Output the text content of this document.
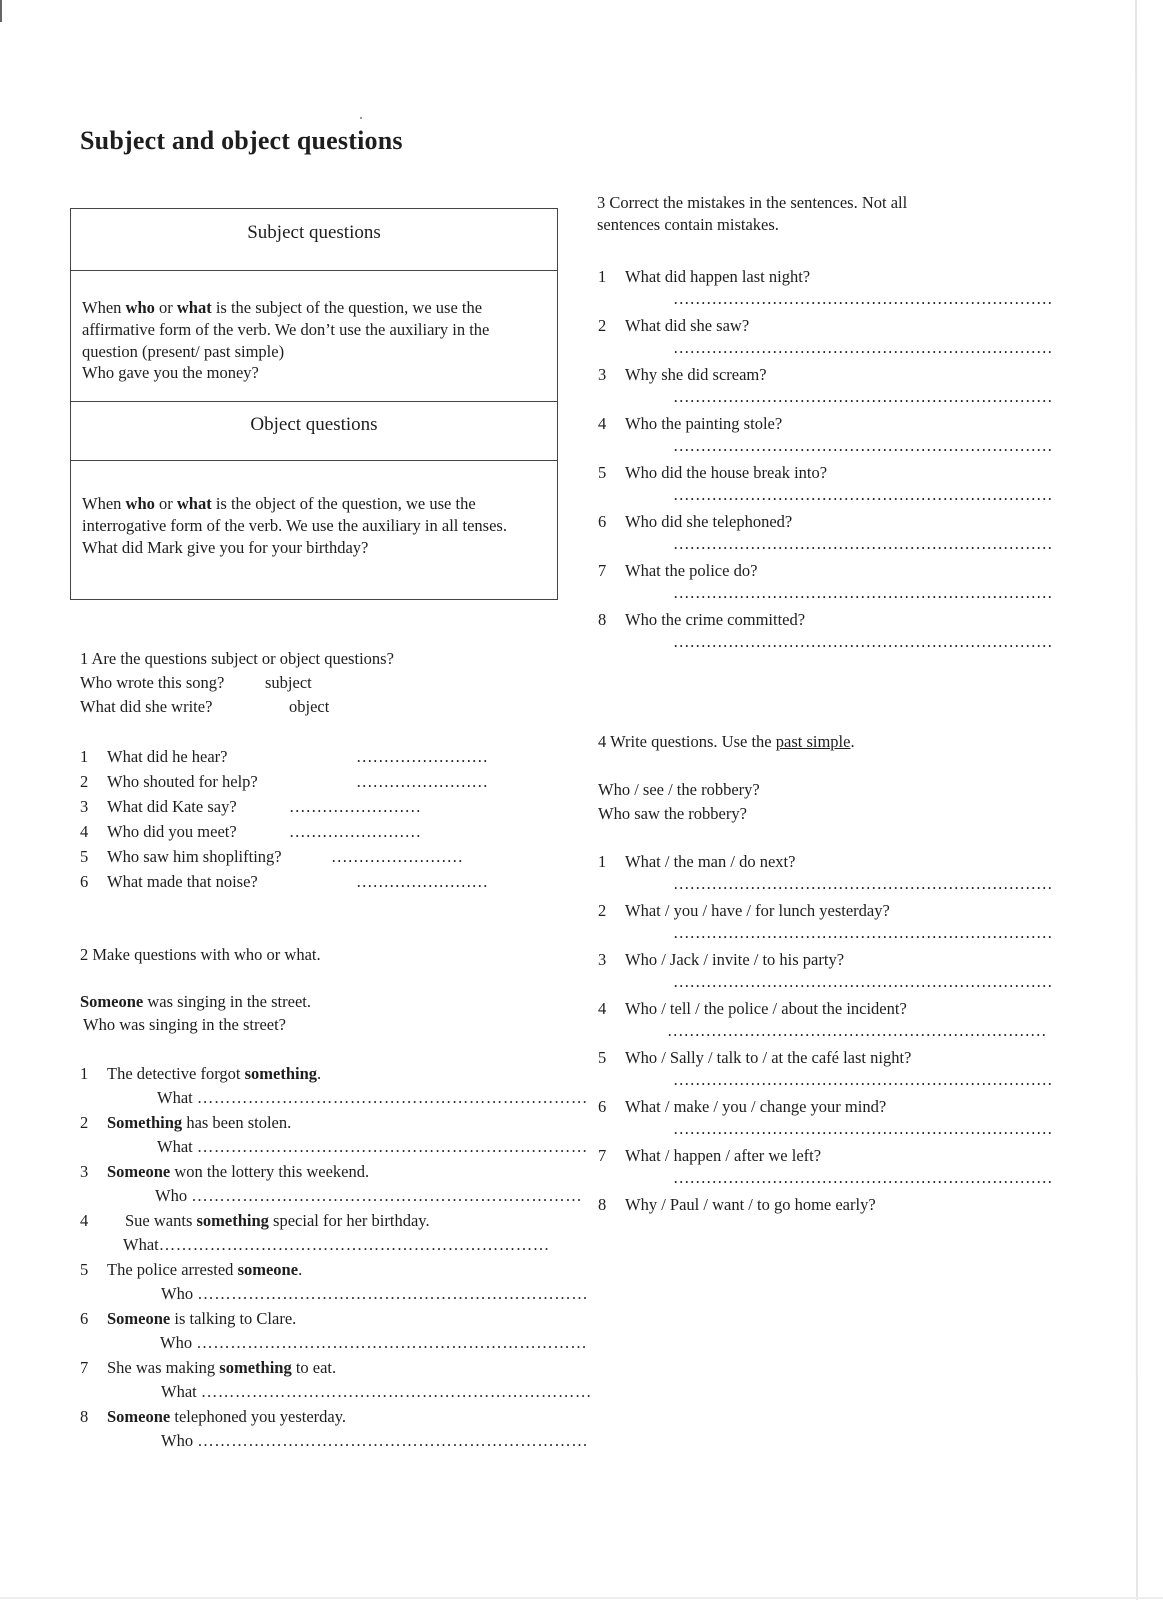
Subject and object questions
Subject questions
When who or what is the subject of the question, we use the affirmative form of the verb. We don’t use the auxiliary in the question (present/ past simple)
Who gave you the money?
Object questions
When who or what is the object of the question, we use the interrogative form of the verb. We use the auxiliary in all tenses.
What did Mark give you for your birthday?
1 Are the questions subject or object questions?
Who wrote this song? subject
What did she write?	object
1 What did he hear?	……………………
2 Who shouted for help?	……………………
3 What did Kate say?	……………………
4 Who did you meet?	……………………
5 Who saw him shoplifting?	……………………
6 What made that noise?	……………………
2 Make questions with who or what.
Someone was singing in the street.
Who was singing in the street?
1 The detective forgot something.
What ……………………………………………………………
2 Something has been stolen.
What ……………………………………………………………
3 Someone won the lottery this weekend.
Who ……………………………………………………………
4 Sue wants something special for her birthday.
What……………………………………………………………
5 The police arrested someone.
Who ……………………………………………………………
6 Someone is talking to Clare.
Who ……………………………………………………………
7 She was making something to eat.
What ……………………………………………………………
8 Someone telephoned you yesterday.
Who ……………………………………………………………
3 Correct the mistakes in the sentences. Not all
sentences contain mistakes.
1 What did happen last night?
……………………………………………………………
2 What did she saw?
……………………………………………………………
3 Why she did scream?
……………………………………………………………
4 Who the painting stole?
……………………………………………………………
5 Who did the house break into?
……………………………………………………………
6 Who did she telephoned?
……………………………………………………………
7 What the police do?
……………………………………………………………
8 Who the crime committed?
……………………………………………………………
4 Write questions. Use the past simple.
Who / see / the robbery?
Who saw the robbery?
1 What / the man / do next?
……………………………………………………………
2 What / you / have / for lunch yesterday?
……………………………………………………………
3 Who / Jack / invite / to his party?
……………………………………………………………
4 Who / tell / the police / about the incident?
……………………………………………………………
5 Who / Sally / talk to / at the café last night?
……………………………………………………………
6 What / make / you / change your mind?
……………………………………………………………
7 What / happen / after we left?
……………………………………………………………
8 Why / Paul / want / to go home early?
